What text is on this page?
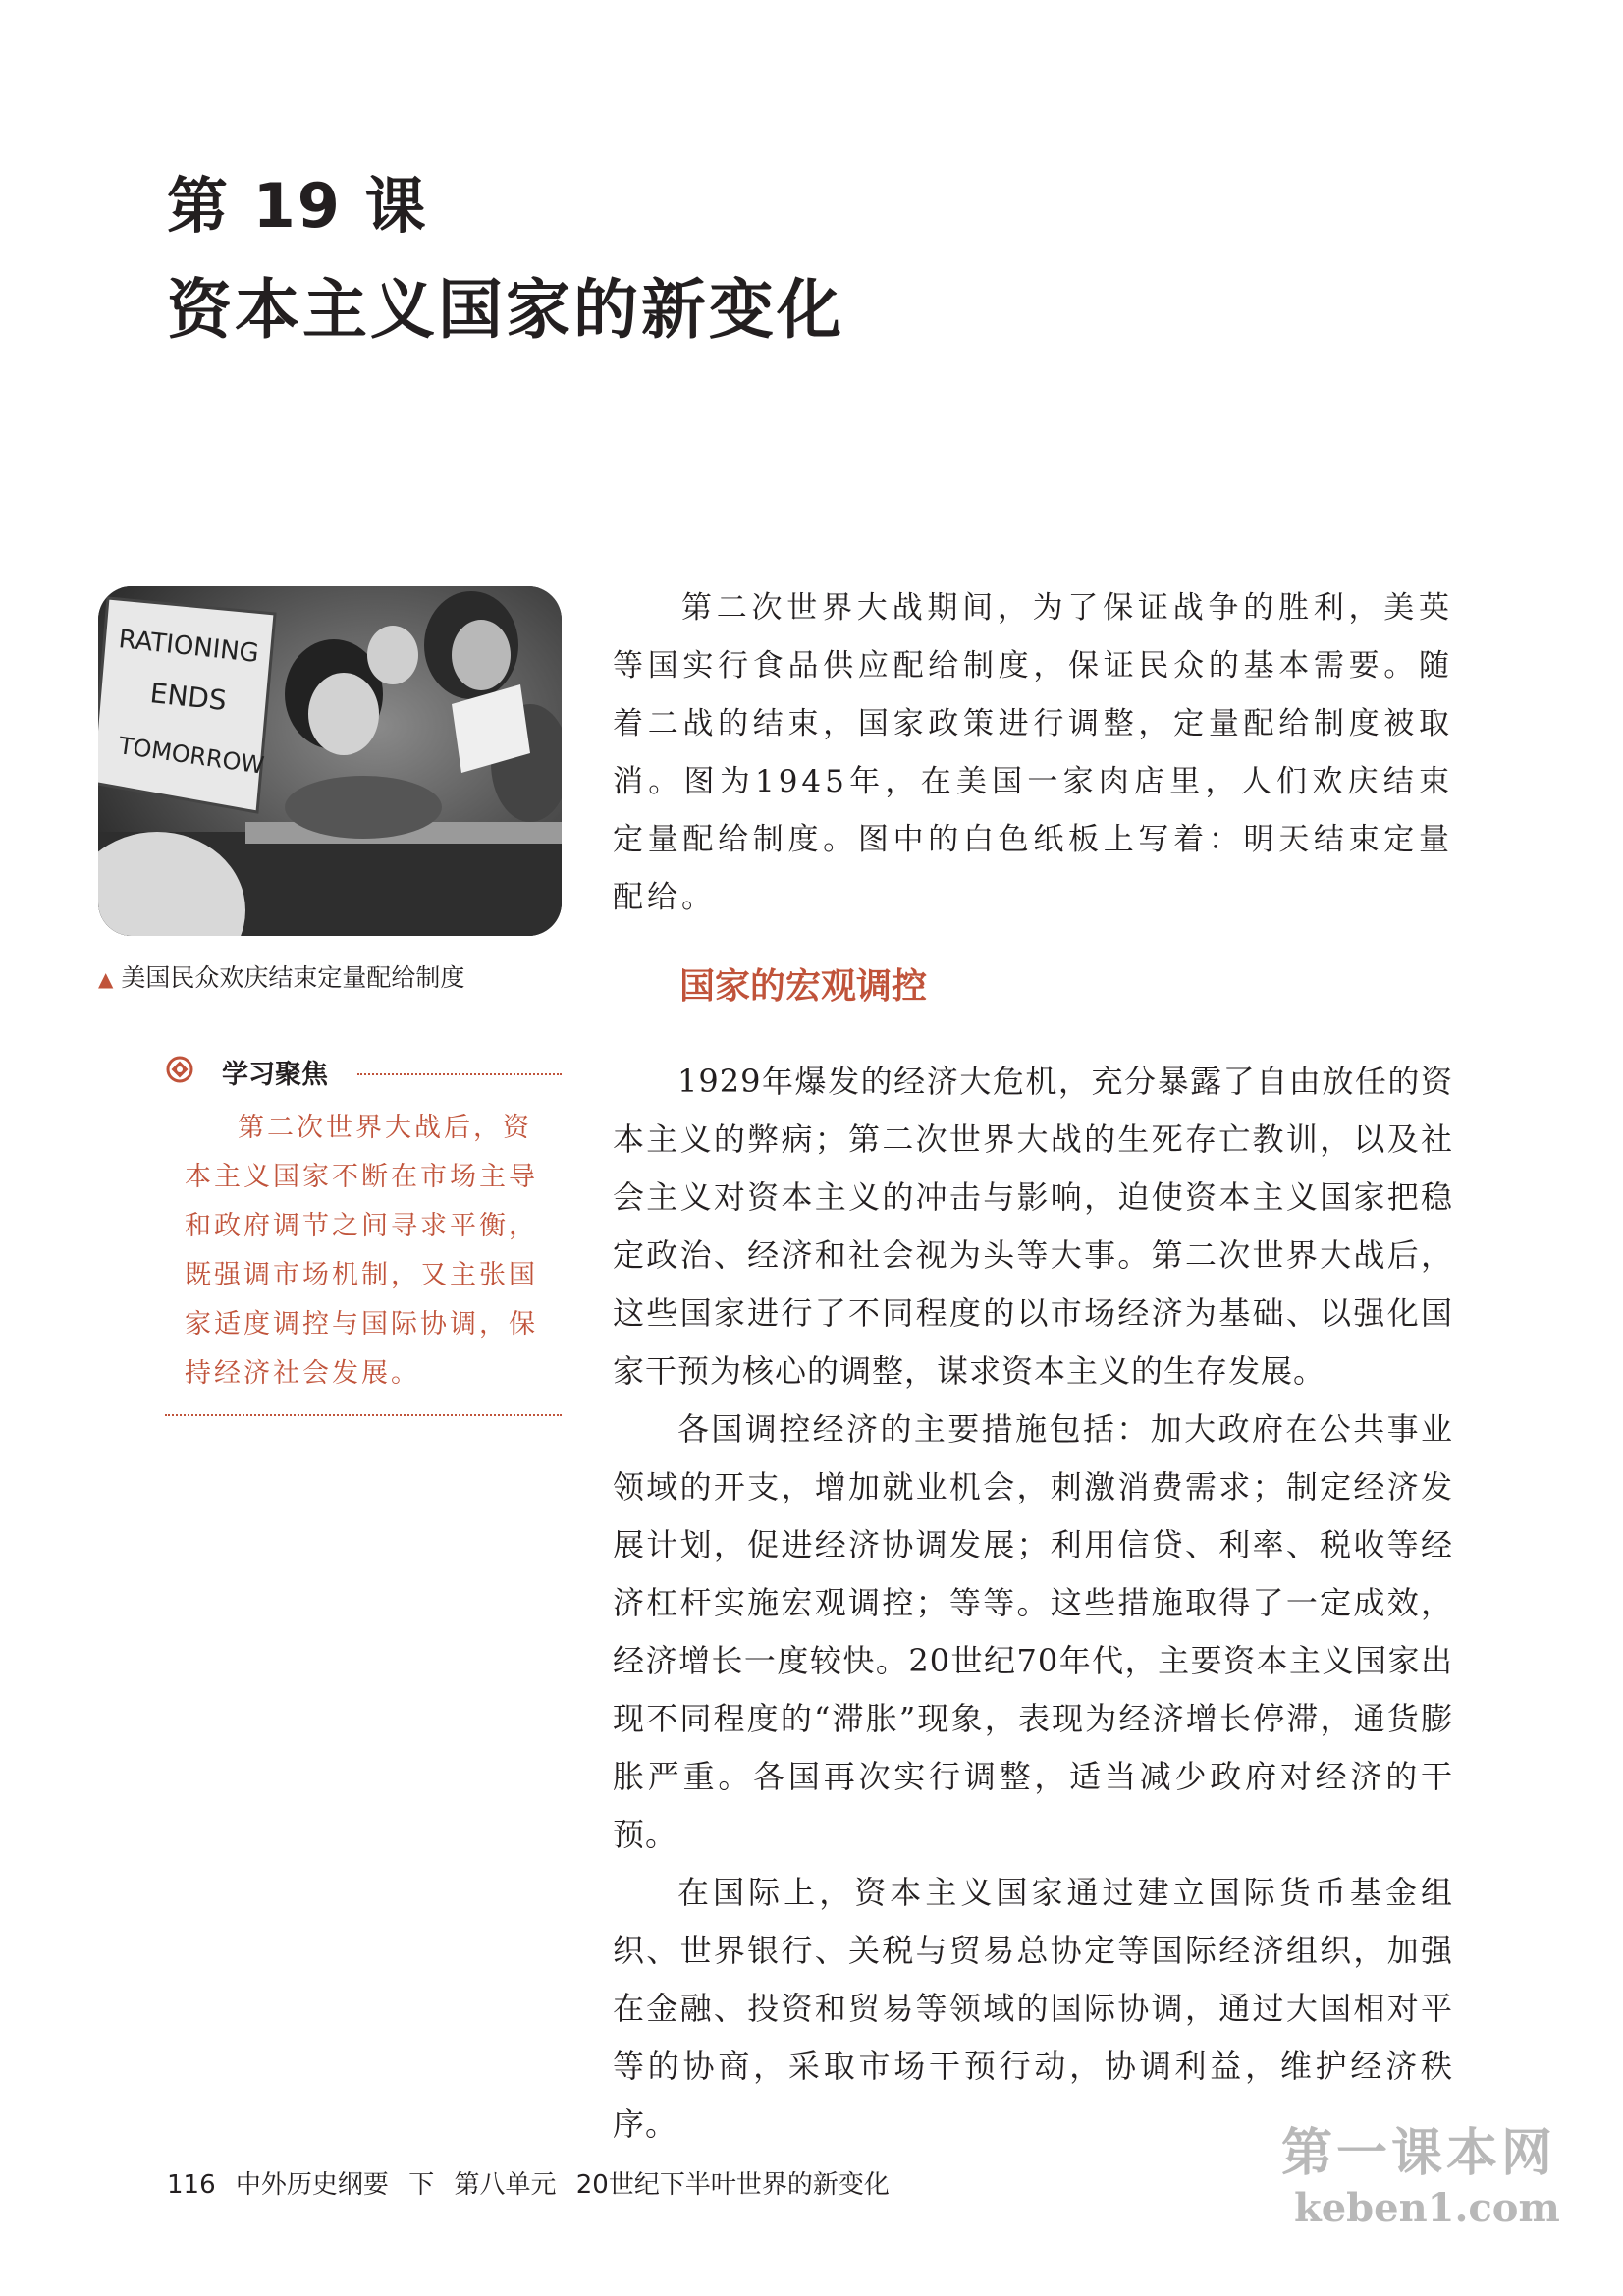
第 19 课
资本主义国家的新变化
RATIONING
ENDS
TOMORROW
▲ 美国民众欢庆结束定量配给制度
学习聚焦

第二次世界大战后，资本主义国家不断在市场主导和政府调节之间寻求平衡，既强调市场机制，又主张国家适度调控与国际协调，保持经济社会发展。

第二次世界大战期间，为了保证战争的胜利，美英等国实行食品供应配给制度，保证民众的基本需要。随着二战的结束，国家政策进行调整，定量配给制度被取消。图为1945年，在美国一家肉店里，人们欢庆结束定量配给制度。图中的白色纸板上写着：明天结束定量配给。

国家的宏观调控

1929年爆发的经济大危机，充分暴露了自由放任的资本主义的弊病；第二次世界大战的生死存亡教训，以及社会主义对资本主义的冲击与影响，迫使资本主义国家把稳定政治、经济和社会视为头等大事。第二次世界大战后，这些国家进行了不同程度的以市场经济为基础、以强化国家干预为核心的调整，谋求资本主义的生存发展。

各国调控经济的主要措施包括：加大政府在公共事业领域的开支，增加就业机会，刺激消费需求；制定经济发展计划，促进经济协调发展；利用信贷、利率、税收等经济杠杆实施宏观调控；等等。这些措施取得了一定成效，经济增长一度较快。20世纪70年代，主要资本主义国家出现不同程度的“滞胀”现象，表现为经济增长停滞，通货膨胀严重。各国再次实行调整，适当减少政府对经济的干预。

在国际上，资本主义国家通过建立国际货币基金组织、世界银行、关税与贸易总协定等国际经济组织，加强在金融、投资和贸易等领域的国际协调，通过大国相对平等的协商，采取市场干预行动，协调利益，维护经济秩序。

116 中外历史纲要 下 第八单元 20世纪下半叶世界的新变化
第一课本网
keben1.com
